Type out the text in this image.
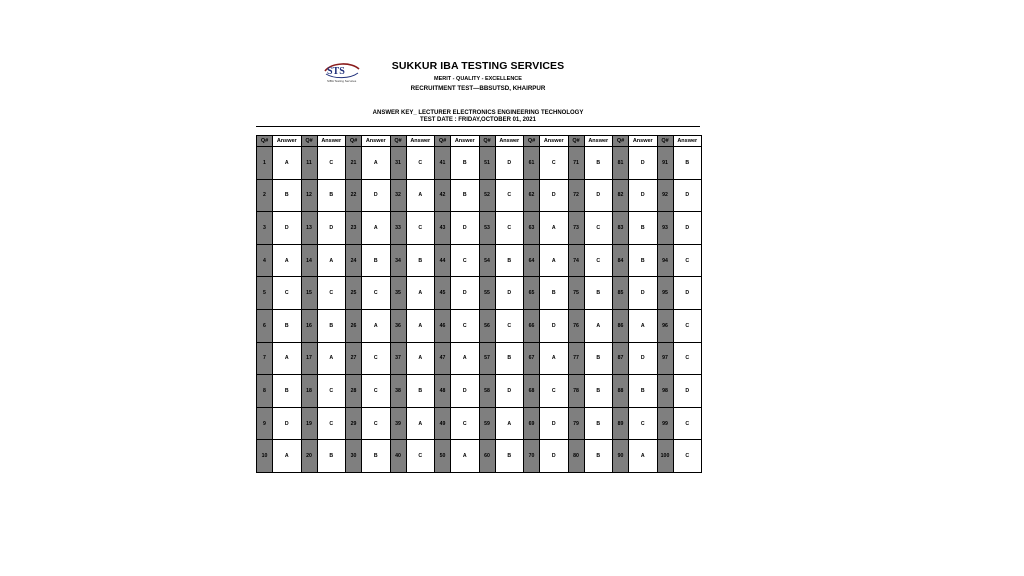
STS
SIBA Testing Services
SUKKUR IBA TESTING SERVICES
MERIT - QUALITY - EXCELLENCE
RECRUITMENT TEST—BBSUTSD, KHAIRPUR
ANSWER KEY_ LECTURER ELECTRONICS ENGINEERING TECHNOLOGY
TEST DATE : FRIDAY,OCTOBER 01, 2021
Q#	Answer	Q#	Answer	Q#	Answer	Q#	Answer	Q#	Answer	Q#	Answer	Q#	Answer	Q#	Answer	Q#	Answer	Q#	Answer
1	A	11	C	21	A	31	C	41	B	51	D	61	C	71	B	81	D	91	B
2	B	12	B	22	D	32	A	42	B	52	C	62	D	72	D	82	D	92	D
3	D	13	D	23	A	33	C	43	D	53	C	63	A	73	C	83	B	93	D
4	A	14	A	24	B	34	B	44	C	54	B	64	A	74	C	84	B	94	C
5	C	15	C	25	C	35	A	45	D	55	D	65	B	75	B	85	D	95	D
6	B	16	B	26	A	36	A	46	C	56	C	66	D	76	A	86	A	96	C
7	A	17	A	27	C	37	A	47	A	57	B	67	A	77	B	87	D	97	C
8	B	18	C	28	C	38	B	48	D	58	D	68	C	78	B	88	B	98	D
9	D	19	C	29	C	39	A	49	C	59	A	69	D	79	B	89	C	99	C
10	A	20	B	30	B	40	C	50	A	60	B	70	D	80	B	90	A	100	C
